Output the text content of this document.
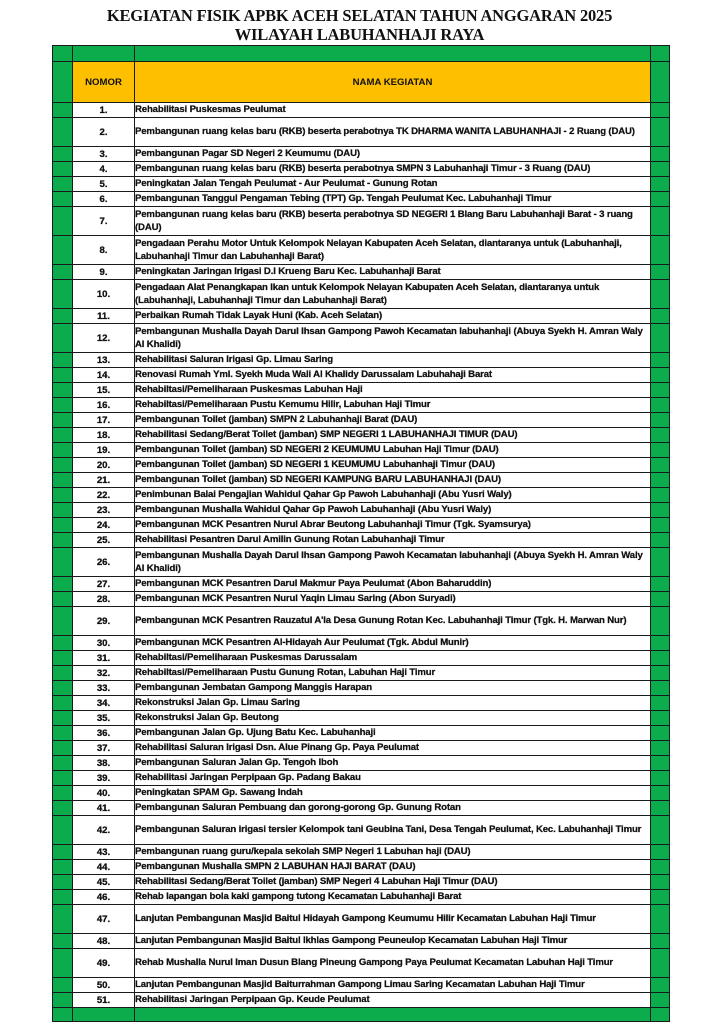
KEGIATAN FISIK APBK ACEH SELATAN TAHUN ANGGARAN 2025
WILAYAH LABUHANHAJI RAYA

	NOMOR	NAMA KEGIATAN	
	1.	Rehabilitasi Puskesmas Peulumat	
	2.	Pembangunan ruang kelas baru (RKB) beserta perabotnya TK DHARMA WANITA LABUHANHAJI - 2 Ruang (DAU)	
	3.	Pembangunan Pagar SD Negeri 2 Keumumu (DAU)	
	4.	Pembangunan ruang kelas baru (RKB) beserta perabotnya SMPN 3 Labuhanhaji Timur - 3 Ruang (DAU)	
	5.	Peningkatan Jalan Tengah Peulumat - Aur Peulumat - Gunung Rotan	
	6.	Pembangunan Tanggul Pengaman Tebing (TPT) Gp. Tengah Peulumat Kec. Labuhanhaji Timur	
	7.	Pembangunan ruang kelas baru (RKB) beserta perabotnya SD NEGERI 1 Blang Baru Labuhanhaji Barat - 3 ruang (DAU)	
	8.	Pengadaan Perahu Motor Untuk Kelompok Nelayan Kabupaten Aceh Selatan, diantaranya untuk (Labuhanhaji, Labuhanhaji Timur dan Labuhanhaji Barat)	
	9.	Peningkatan Jaringan Irigasi D.I Krueng Baru Kec. Labuhanhaji Barat	
	10.	Pengadaan Alat Penangkapan Ikan untuk Kelompok Nelayan Kabupaten Aceh Selatan, diantaranya untuk (Labuhanhaji, Labuhanhaji Timur dan Labuhanhaji Barat)	
	11.	Perbaikan Rumah Tidak Layak Huni (Kab. Aceh Selatan)	
	12.	Pembangunan Mushalla Dayah Darul Ihsan Gampong Pawoh Kecamatan labuhanhaji (Abuya Syekh H. Amran Waly Al Khalidi)	
	13.	Rehabilitasi Saluran Irigasi Gp. Limau Saring	
	14.	Renovasi Rumah Yml. Syekh Muda Wali Al Khalidy Darussalam Labuhahaji Barat	
	15.	Rehabiltasi/Pemeliharaan Puskesmas Labuhan Haji	
	16.	Rehabiltasi/Pemeliharaan Pustu Kemumu Hilir, Labuhan Haji Timur	
	17.	Pembangunan Toilet (jamban) SMPN 2 Labuhanhaji Barat (DAU)	
	18.	Rehabilitasi Sedang/Berat Toilet (jamban) SMP NEGERI 1 LABUHANHAJI TIMUR (DAU)	
	19.	Pembangunan Toilet (jamban) SD NEGERI 2 KEUMUMU Labuhan Haji Timur (DAU)	
	20.	Pembangunan Toilet (jamban) SD NEGERI 1 KEUMUMU Labuhanhaji Timur (DAU)	
	21.	Pembangunan Toilet (jamban) SD NEGERI KAMPUNG BARU LABUHANHAJI (DAU)	
	22.	Penimbunan Balai Pengajian Wahidul Qahar Gp Pawoh Labuhanhaji (Abu Yusri Waly)	
	23.	Pembangunan Mushalla Wahidul Qahar Gp Pawoh Labuhanhaji (Abu Yusri Waly)	
	24.	Pembangunan MCK Pesantren Nurul Abrar Beutong Labuhanhaji Timur (Tgk. Syamsurya)	
	25.	Rehabilitasi Pesantren Darul Amilin Gunung Rotan Labuhanhaji Timur	
	26.	Pembangunan Mushalla Dayah Darul Ihsan Gampong Pawoh Kecamatan labuhanhaji (Abuya Syekh H. Amran Waly Al Khalidi)	
	27.	Pembangunan MCK Pesantren Darul Makmur Paya Peulumat (Abon Baharuddin)	
	28.	Pembangunan MCK Pesantren Nurul Yaqin Limau Saring (Abon Suryadi)	
	29.	Pembangunan MCK Pesantren Rauzatul A'la Desa Gunung Rotan Kec. Labuhanhaji Timur (Tgk. H. Marwan Nur)	
	30.	Pembangunan MCK Pesantren Al-Hidayah Aur Peulumat (Tgk. Abdul Munir)	
	31.	Rehabiltasi/Pemeliharaan Puskesmas Darussalam	
	32.	Rehabiltasi/Pemeliharaan Pustu Gunung Rotan, Labuhan Haji Timur	
	33.	Pembangunan Jembatan Gampong Manggis Harapan	
	34.	Rekonstruksi Jalan Gp. Limau Saring	
	35.	Rekonstruksi Jalan Gp. Beutong	
	36.	Pembangunan Jalan Gp. Ujung Batu Kec. Labuhanhaji	
	37.	Rehabilitasi Saluran Irigasi Dsn. Alue Pinang Gp. Paya Peulumat	
	38.	Pembangunan Saluran Jalan Gp. Tengoh Iboh	
	39.	Rehabilitasi Jaringan Perpipaan Gp. Padang Bakau	
	40.	Peningkatan SPAM Gp. Sawang Indah	
	41.	Pembangunan Saluran Pembuang dan gorong-gorong Gp. Gunung Rotan	
	42.	Pembangunan Saluran irigasi tersier Kelompok tani Geubina Tani, Desa Tengah Peulumat, Kec. Labuhanhaji Timur	
	43.	Pembangunan ruang guru/kepala sekolah SMP Negeri 1 Labuhan haji (DAU)	
	44.	Pembangunan Mushalla SMPN 2 LABUHAN HAJI BARAT (DAU)	
	45.	Rehabilitasi Sedang/Berat Toilet (jamban) SMP Negeri 4 Labuhan Haji Timur (DAU)	
	46.	Rehab lapangan bola kaki gampong tutong Kecamatan Labuhanhaji Barat	
	47.	Lanjutan Pembangunan Masjid Baitul Hidayah Gampong Keumumu Hilir Kecamatan Labuhan Haji Timur	
	48.	Lanjutan Pembangunan Masjid Baitul Ikhlas Gampong Peuneulop Kecamatan Labuhan Haji Timur	
	49.	Rehab Mushalla Nurul Iman Dusun Blang Pineung Gampong Paya Peulumat Kecamatan Labuhan Haji Timur	
	50.	Lanjutan Pembangunan Masjid Baiturrahman Gampong Limau Saring Kecamatan Labuhan Haji Timur	
	51.	Rehabilitasi Jaringan Perpipaan Gp. Keude Peulumat	
